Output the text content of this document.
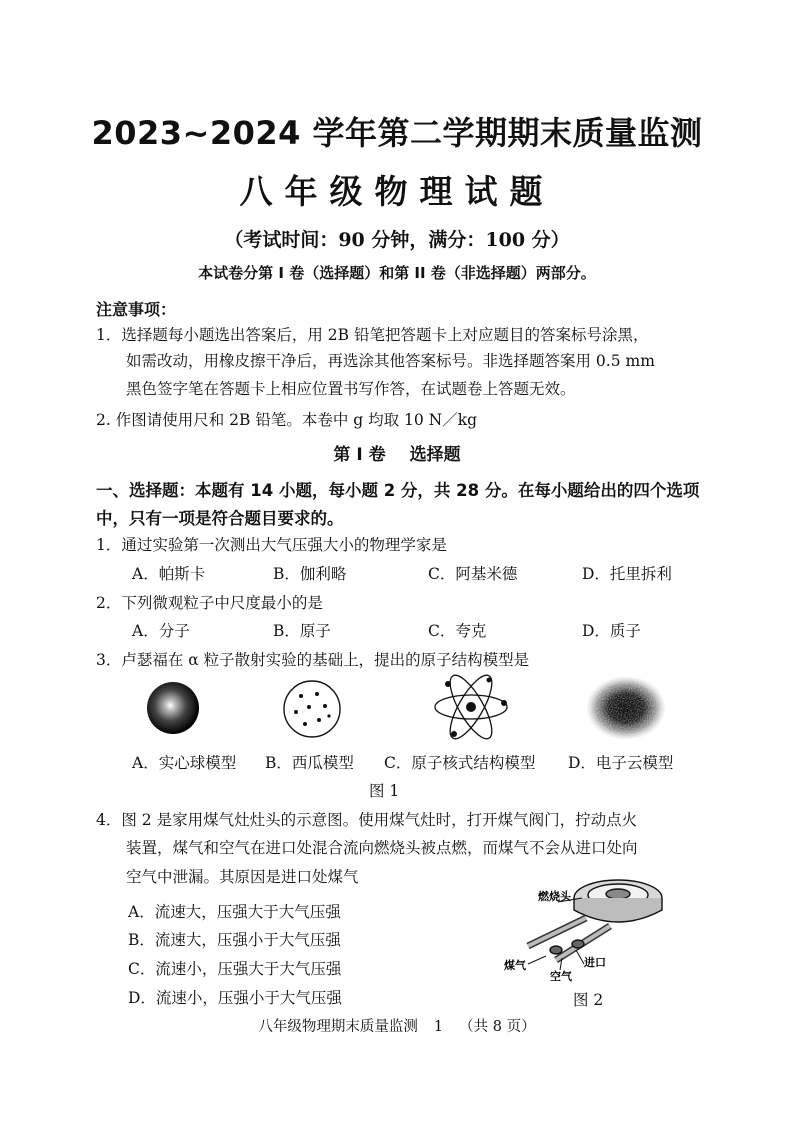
2023~2024 学年第二学期期末质量监测
八年级物理试题
（考试时间：90 分钟，满分：100 分）
本试卷分第 I 卷（选择题）和第 II 卷（非选择题）两部分。
注意事项：
1．选择题每小题选出答案后，用 2B 铅笔把答题卡上对应题目的答案标号涂黑，
如需改动，用橡皮擦干净后，再选涂其他答案标号。非选择题答案用 0.5 mm
黑色签字笔在答题卡上相应位置书写作答，在试题卷上答题无效。
2. 作图请使用尺和 2B 铅笔。本卷中 g 均取 10 N／kg
第 I 卷 选择题
一、选择题：本题有 14 小题，每小题 2 分，共 28 分。在每小题给出的四个选项
中，只有一项是符合题目要求的。
1．通过实验第一次测出大气压强大小的物理学家是
A．帕斯卡	B．伽利略	C．阿基米德	D．托里拆利
2．下列微观粒子中尺度最小的是
A．分子	B．原子	C．夸克	D．质子
3．卢瑟福在 α 粒子散射实验的基础上，提出的原子结构模型是
A．实心球模型 B．西瓜模型 C．原子核式结构模型 D．电子云模型
图 1
4．图 2 是家用煤气灶灶头的示意图。使用煤气灶时，打开煤气阀门，拧动点火
装置，煤气和空气在进口处混合流向燃烧头被点燃，而煤气不会从进口处向
空气中泄漏。其原因是进口处煤气
A．流速大，压强大于大气压强
B．流速大，压强小于大气压强
C．流速小，压强大于大气压强
D．流速小，压强小于大气压强
燃烧头
煤气
空气
进口
图 2
八年级物理期末质量监测 1 （共 8 页）
